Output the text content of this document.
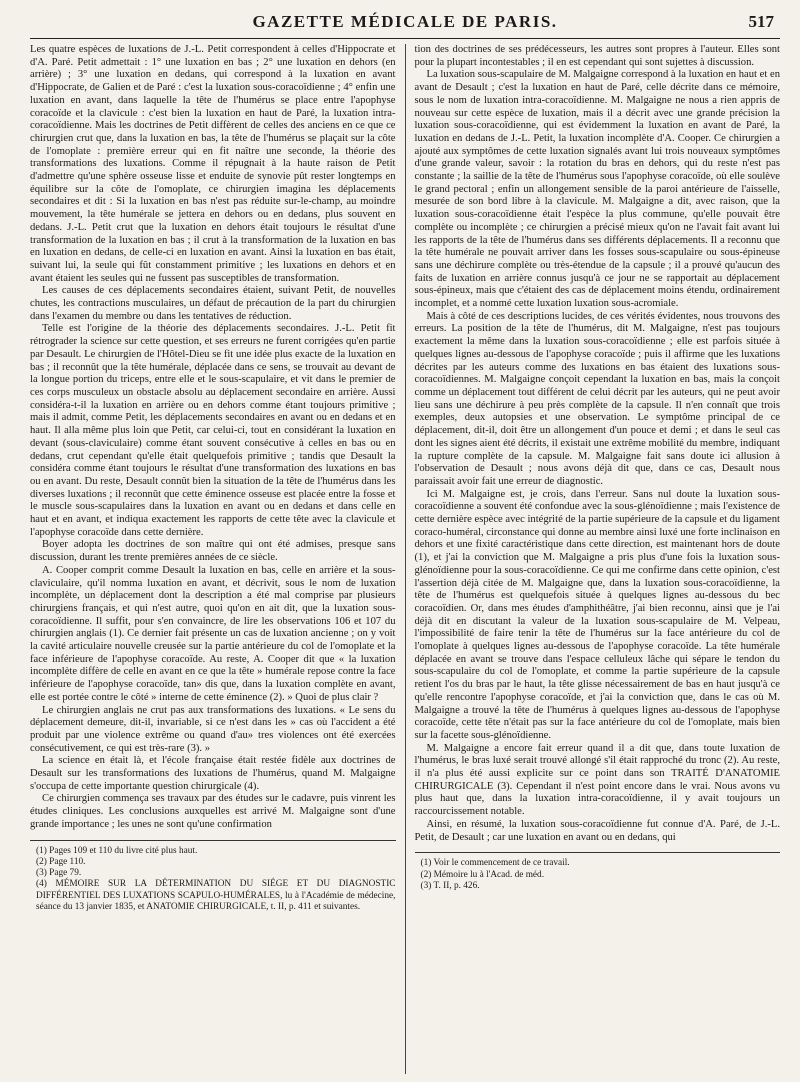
GAZETTE MÉDICALE DE PARIS.	517

Les quatre espèces de luxations de J.-L. Petit correspondent à celles d'Hippocrate et d'A. Paré. Petit admettait : 1° une luxation en bas ; 2° une luxation en dehors (en arrière) ; 3° une luxation en dedans, qui correspond à la luxation en avant d'Hippocrate, de Galien et de Paré : c'est la luxation sous-coracoïdienne ; 4° enfin une luxation en avant, dans laquelle la tête de l'humérus se place entre l'apophyse coracoïde et la clavicule : c'est bien la luxation en haut de Paré, la luxation intra-coracoïdienne. Mais les doctrines de Petit diffèrent de celles des anciens en ce que ce chirurgien crut que, dans la luxation en bas, la tête de l'humérus se plaçait sur la côte de l'omoplate : première erreur qui en fit naître une seconde, la théorie des transformations des luxations. Comme il répugnait à la haute raison de Petit d'admettre qu'une sphère osseuse lisse et enduite de synovie pût rester longtemps en équilibre sur la côte de l'omoplate, ce chirurgien imagina les déplacements secondaires et dit : Si la luxation en bas n'est pas réduite sur-le-champ, au moindre mouvement, la tête humérale se jettera en dehors ou en dedans, plus souvent en dedans. J.-L. Petit crut que la luxation en dehors était toujours le résultat d'une transformation de la luxation en bas ; il crut à la transformation de la luxation en bas en luxation en dedans, de celle-ci en luxation en avant. Ainsi la luxation en bas était, suivant lui, la seule qui fût constamment primitive ; les luxations en dehors et en avant étaient les seules qui ne fussent pas susceptibles de transformation.

Les causes de ces déplacements secondaires étaient, suivant Petit, de nouvelles chutes, les contractions musculaires, un défaut de précaution de la part du chirurgien dans l'examen du membre ou dans les tentatives de réduction.

Telle est l'origine de la théorie des déplacements secondaires. J.-L. Petit fit rétrograder la science sur cette question, et ses erreurs ne furent corrigées qu'en partie par Desault. Le chirurgien de l'Hôtel-Dieu se fit une idée plus exacte de la luxation en bas ; il reconnût que la tête humérale, déplacée dans ce sens, se trouvait au devant de la longue portion du triceps, entre elle et le sous-scapulaire, et vit dans le premier de ces corps musculeux un obstacle absolu au déplacement secondaire en arrière. Aussi considéra-t-il la luxation en arrière ou en dehors comme étant toujours primitive ; mais il admit, comme Petit, les déplacements secondaires en avant ou en dedans et en haut. Il alla même plus loin que Petit, car celui-ci, tout en considérant la luxation en devant (sous-claviculaire) comme étant souvent consécutive à celles en bas ou en dedans, crut cependant qu'elle était quelquefois primitive ; tandis que Desault la considéra comme étant toujours le résultat d'une transformation des luxations en bas ou en avant. Du reste, Desault connût bien la situation de la tête de l'humérus dans les diverses luxations ; il reconnût que cette éminence osseuse est placée entre la fosse et le muscle sous-scapulaires dans la luxation en avant ou en dedans et dans celle en haut et en avant, et indiqua exactement les rapports de cette tête avec la clavicule et l'apophyse coracoïde dans cette dernière.

Boyer adopta les doctrines de son maître qui ont été admises, presque sans discussion, durant les trente premières années de ce siècle.

A. Cooper comprit comme Desault la luxation en bas, celle en arrière et la sous-claviculaire, qu'il nomma luxation en avant, et décrivit, sous le nom de luxation incomplète, un déplacement dont la description a été mal comprise par plusieurs chirurgiens français, et qui n'est autre, quoi qu'on en ait dit, que la luxation sous-coracoïdienne. Il suffit, pour s'en convaincre, de lire les observations 106 et 107 du chirurgien anglais (1). Ce dernier fait présente un cas de luxation ancienne ; on y voit la cavité articulaire nouvelle creusée sur la partie antérieure du col de l'omoplate et la face inférieure de l'apophyse coracoïde. Au reste, A. Cooper dit que « la luxation incomplète diffère de celle en avant en ce que la tête » humérale repose contre la face inférieure de l'apophyse coracoïde, tan» dis que, dans la luxation complète en avant, elle est portée contre le côté » interne de cette éminence (2). » Quoi de plus clair ?

Le chirurgien anglais ne crut pas aux transformations des luxations. « Le sens du déplacement demeure, dit-il, invariable, si ce n'est dans les » cas où l'accident a été produit par une violence extrême ou quand d'au» tres violences ont été exercées consécutivement, ce qui est très-rare (3). »

La science en était là, et l'école française était restée fidèle aux doctrines de Desault sur les transformations des luxations de l'humérus, quand M. Malgaigne s'occupa de cette importante question chirurgicale (4).

Ce chirurgien commença ses travaux par des études sur le cadavre, puis vinrent les études cliniques. Les conclusions auxquelles est arrivé M. Malgaigne sont d'une grande importance ; les unes ne sont qu'une confirmation

(1) Pages 109 et 110 du livre cité plus haut.
(2) Page 110.
(3) Page 79.
(4) MÉMOIRE SUR LA DÉTERMINATION DU SIÉGE ET DU DIAGNOSTIC DIFFÉRENTIEL DES LUXATIONS SCAPULO-HUMÉRALES, lu à l'Académie de médecine, séance du 13 janvier 1835, et ANATOMIE CHIRURGICALE, t. II, p. 411 et suivantes.

tion des doctrines de ses prédécesseurs, les autres sont propres à l'auteur. Elles sont pour la plupart incontestables ; il en est cependant qui sont sujettes à discussion.

La luxation sous-scapulaire de M. Malgaigne correspond à la luxation en haut et en avant de Desault ; c'est la luxation en haut de Paré, celle décrite dans ce mémoire, sous le nom de luxation intra-coracoïdienne. M. Malgaigne ne nous a rien appris de nouveau sur cette espèce de luxation, mais il a décrit avec une grande précision la luxation sous-coracoïdienne, qui est évidemment la luxation en avant de Paré, la luxation en dedans de J.-L. Petit, la luxation incomplète d'A. Cooper. Ce chirurgien a ajouté aux symptômes de cette luxation signalés avant lui trois nouveaux symptômes d'une grande valeur, savoir : la rotation du bras en dehors, qui du reste n'est pas constante ; la saillie de la tête de l'humérus sous l'apophyse coracoïde, où elle soulève le grand pectoral ; enfin un allongement sensible de la paroi antérieure de l'aisselle, mesurée de son bord libre à la clavicule. M. Malgaigne a dit, avec raison, que la luxation sous-coracoïdienne était l'espèce la plus commune, qu'elle pouvait être complète ou incomplète ; ce chirurgien a précisé mieux qu'on ne l'avait fait avant lui les rapports de la tête de l'humérus dans ses différents déplacements. Il a reconnu que la tête humérale ne pouvait arriver dans les fosses sous-scapulaire ou sous-épineuse sans une déchirure complète ou très-étendue de la capsule ; il a prouvé qu'aucun des faits de luxation en arrière connus jusqu'à ce jour ne se rapportait au déplacement sous-épineux, mais que c'étaient des cas de déplacement moins étendu, ordinairement incomplet, et a nommé cette luxation luxation sous-acromiale.

Mais à côté de ces descriptions lucides, de ces vérités évidentes, nous trouvons des erreurs. La position de la tête de l'humérus, dit M. Malgaigne, n'est pas toujours exactement la même dans la luxation sous-coracoïdienne ; elle est parfois située à quelques lignes au-dessous de l'apophyse coracoïde ; puis il affirme que les luxations décrites par les auteurs comme des luxations en bas étaient des luxations sous-coracoïdiennes. M. Malgaigne conçoit cependant la luxation en bas, mais la conçoit comme un déplacement tout différent de celui décrit par les auteurs, qui ne peut avoir lieu sans une déchirure à peu près complète de la capsule. Il n'en connaît que trois exemples, deux autopsies et une observation. Le symptôme principal de ce déplacement, dit-il, doit être un allongement d'un pouce et demi ; et dans le seul cas dont les signes aient été décrits, il existait une extrême mobilité du membre, indiquant la rupture complète de la capsule. M. Malgaigne fait sans doute ici allusion à l'observation de Desault ; nous avons déjà dit que, dans ce cas, Desault nous paraissait avoir fait une erreur de diagnostic.

Ici M. Malgaigne est, je crois, dans l'erreur. Sans nul doute la luxation sous-coracoïdienne a souvent été confondue avec la sous-glénoïdienne ; mais l'existence de cette dernière espèce avec intégrité de la partie supérieure de la capsule et du ligament coraco-huméral, circonstance qui donne au membre ainsi luxé une forte inclinaison en dehors et une fixité caractéristique dans cette direction, est maintenant hors de doute (1), et j'ai la conviction que M. Malgaigne a pris plus d'une fois la luxation sous-glénoïdienne pour la sous-coracoïdienne. Ce qui me confirme dans cette opinion, c'est l'assertion déjà citée de M. Malgaigne que, dans la luxation sous-coracoïdienne, la tête de l'humérus est quelquefois située à quelques lignes au-dessous du bec coracoïdien. Or, dans mes études d'amphithéâtre, j'ai bien reconnu, ainsi que je l'ai déjà dit en discutant la valeur de la luxation sous-scapulaire de M. Velpeau, l'impossibilité de faire tenir la tête de l'humérus sur la face antérieure du col de l'omoplate à quelques lignes au-dessous de l'apophyse coracoïde. La tête humérale déplacée en avant se trouve dans l'espace celluleux lâche qui sépare le tendon du sous-scapulaire du col de l'omoplate, et comme la partie supérieure de la capsule retient l'os du bras par le haut, la tête glisse nécessairement de bas en haut jusqu'à ce qu'elle rencontre l'apophyse coracoïde, et j'ai la conviction que, dans le cas où M. Malgaigne a trouvé la tête de l'humérus à quelques lignes au-dessous de l'apophyse coracoïde, cette tête n'était pas sur la face antérieure du col de l'omoplate, mais bien sur la facette sous-glénoïdienne.

M. Malgaigne a encore fait erreur quand il a dit que, dans toute luxation de l'humérus, le bras luxé serait trouvé allongé s'il était rapproché du tronc (2). Au reste, il n'a plus été aussi explicite sur ce point dans son TRAITÉ D'ANATOMIE CHIRURGICALE (3). Cependant il n'est point encore dans le vrai. Nous avons vu plus haut que, dans la luxation intra-coracoïdienne, il y avait toujours un raccourcissement notable.

Ainsi, en résumé, la luxation sous-coracoïdienne fut connue d'A. Paré, de J.-L. Petit, de Desault ; car une luxation en avant ou en dedans, qui

(1) Voir le commencement de ce travail.
(2) Mémoire lu à l'Acad. de méd.
(3) T. II, p. 426.
